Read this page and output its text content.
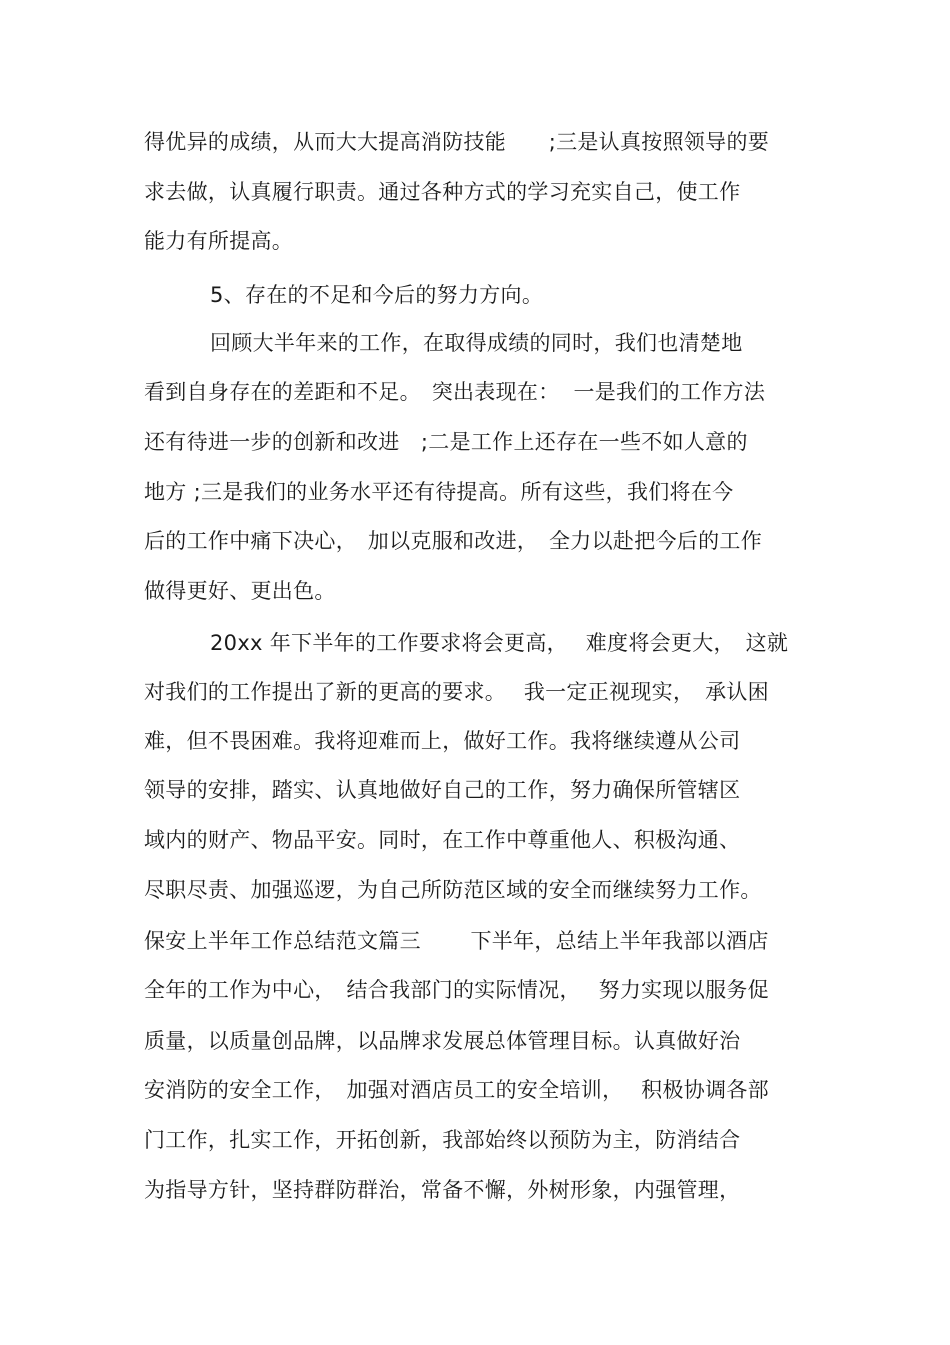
得优异的成绩，从而大大提高消防技能　　;三是认真按照领导的要
求去做，认真履行职责。通过各种方式的学习充实自己，使工作
能力有所提高。
5、存在的不足和今后的努力方向。
回顾大半年来的工作，在取得成绩的同时，我们也清楚地
看到自身存在的差距和不足。　突出表现在：  一是我们的工作方法
还有待进一步的创新和改进　;二是工作上还存在一些不如人意的
地方 ;三是我们的业务水平还有待提高。所有这些，我们将在今
后的工作中痛下决心，　加以克服和改进，　全力以赴把今后的工作
做得更好、更出色。
20xx 年下半年的工作要求将会更高，　 难度将会更大，　这就
对我们的工作提出了新的更高的要求。　 我一定正视现实，　承认困
难，但不畏困难。我将迎难而上，做好工作。我将继续遵从公司
领导的安排，踏实、认真地做好自己的工作，努力确保所管辖区
域内的财产、物品平安。同时，在工作中尊重他人、积极沟通、
尽职尽责、加强巡逻，为自己所防范区域的安全而继续努力工作。
保安上半年工作总结范文篇三　　 下半年，总结上半年我部以酒店
全年的工作为中心，　结合我部门的实际情况，　 努力实现以服务促
质量，以质量创品牌，以品牌求发展总体管理目标。认真做好治
安消防的安全工作，　加强对酒店员工的安全培训，　 积极协调各部
门工作，扎实工作，开拓创新，我部始终以预防为主，防消结合
为指导方针，坚持群防群治，常备不懈，外树形象，内强管理，
